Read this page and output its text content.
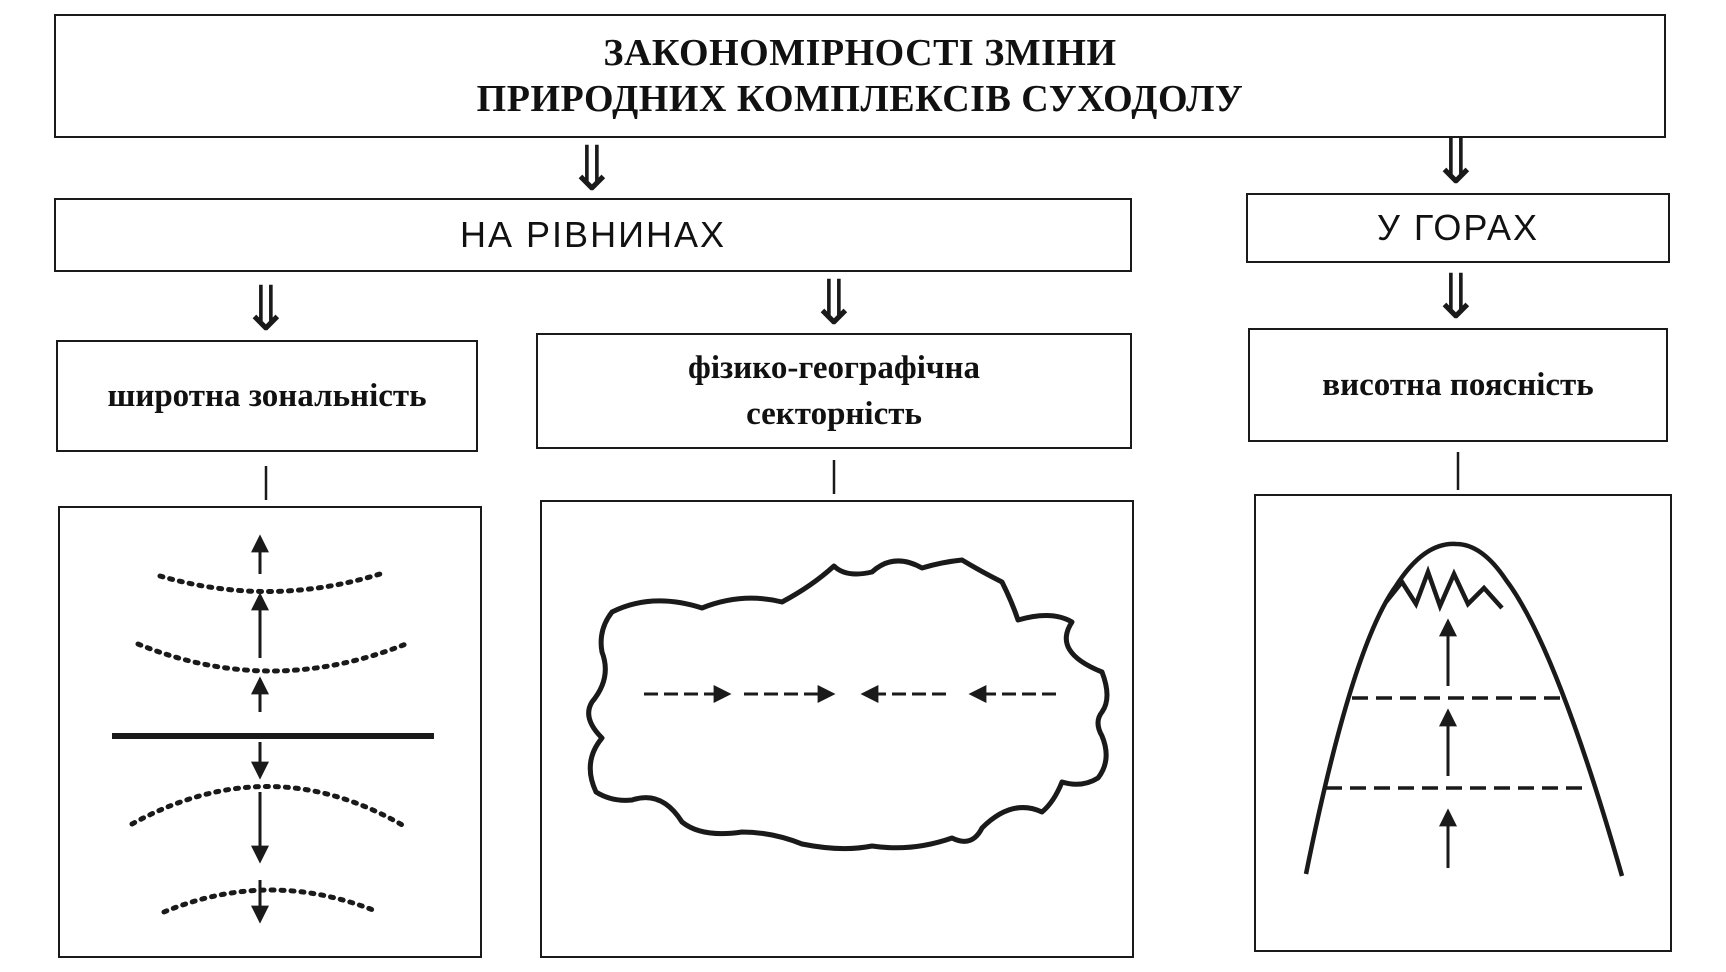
ЗАКОНОМІРНОСТІ ЗМІНИ
ПРИРОДНИХ КОМПЛЕКСІВ СУХОДОЛУ
НА РІВНИНАХ	У ГОРАХ
широтна зональність
фізико-географічна
секторність
висотна поясність
⇓	⇓
⇓	⇓	⇓
